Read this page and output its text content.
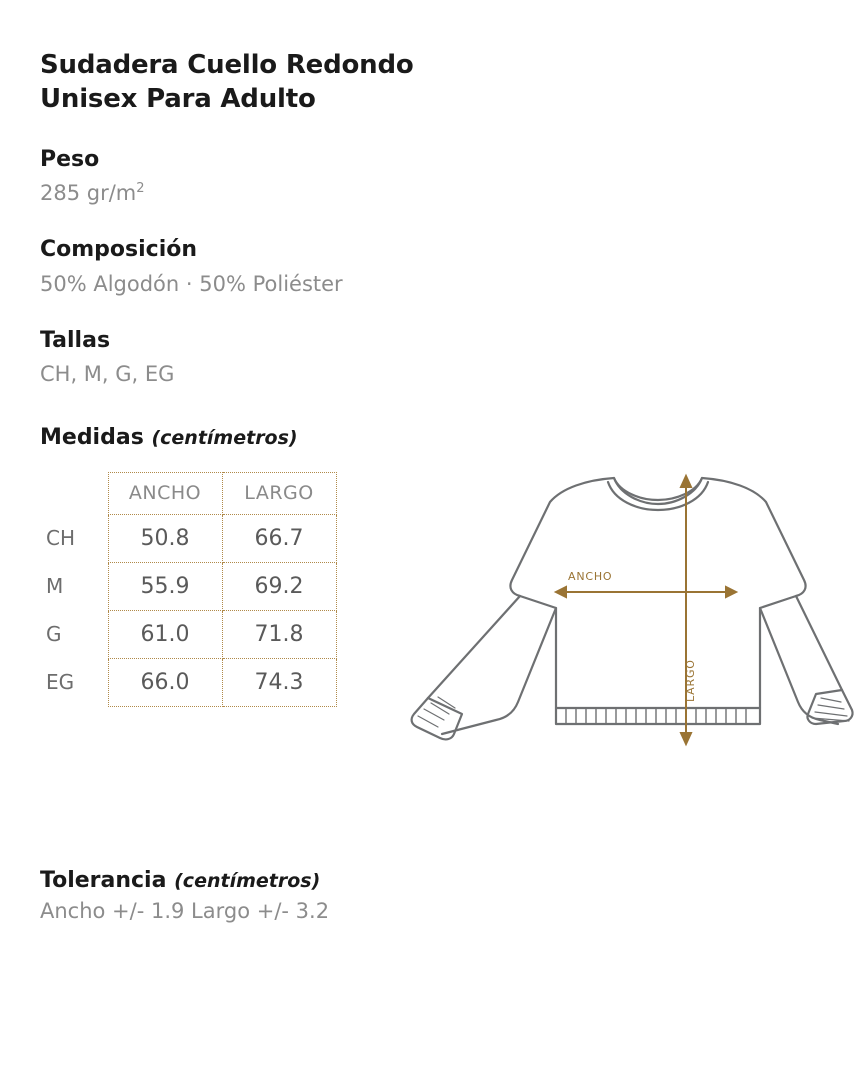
Sudadera Cuello Redondo
Unisex Para Adulto
Peso
285 $gr/m^2$
Composición
50% Algodón · 50% Poliéster
Tallas
CH, M, G, EG
Medidas (centímetros)
	ANCHO	LARGO
CH	50.8	66.7
M	55.9	69.2
G	61.0	71.8
EG	66.0	74.3
ANCHO
LARGO
Tolerancia (centímetros)
Ancho +/- 1.9 Largo +/- 3.2
